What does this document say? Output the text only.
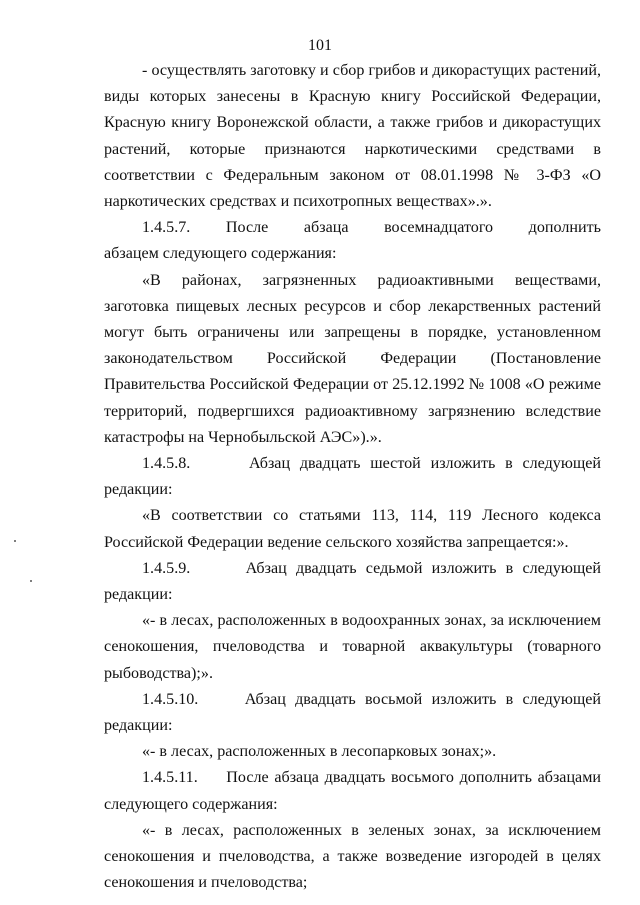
101

- осуществлять заготовку и сбор грибов и дикорастущих растений, виды которых занесены в Красную книгу Российской Федерации, Красную книгу Воронежской области, а также грибов и дикорастущих растений, которые признаются наркотическими средствами в соответствии с Федеральным законом от 08.01.1998 № 3-ФЗ «О наркотических средствах и психотропных веществах».».

1.4.5.7.      После      абзаца      восемнадцатого      дополнить      абзацем следующего содержания:

«В районах, загрязненных радиоактивными веществами, заготовка пищевых лесных ресурсов и сбор лекарственных растений могут быть ограничены или запрещены в порядке, установленном законодательством Российской Федерации (Постановление Правительства Российской Федерации от 25.12.1992 № 1008 «О режиме территорий, подвергшихся радиоактивному загрязнению вследствие катастрофы на Чернобыльской АЭС»).».

1.4.5.8.      Абзац двадцать шестой изложить в следующей редакции:

«В соответствии со статьями 113, 114, 119 Лесного кодекса Российской Федерации ведение сельского хозяйства запрещается:».

1.4.5.9.      Абзац двадцать седьмой изложить в следующей редакции:

«- в лесах, расположенных в водоохранных зонах, за исключением сенокошения, пчеловодства и товарной аквакультуры (товарного рыбоводства);».

1.4.5.10.     Абзац двадцать восьмой изложить в следующей редакции:

«- в лесах, расположенных в лесопарковых зонах;».

1.4.5.11.     После абзаца двадцать восьмого дополнить абзацами следующего содержания:

«- в лесах, расположенных в зеленых зонах, за исключением сенокошения и пчеловодства, а также возведение изгородей в целях сенокошения и пчеловодства;
